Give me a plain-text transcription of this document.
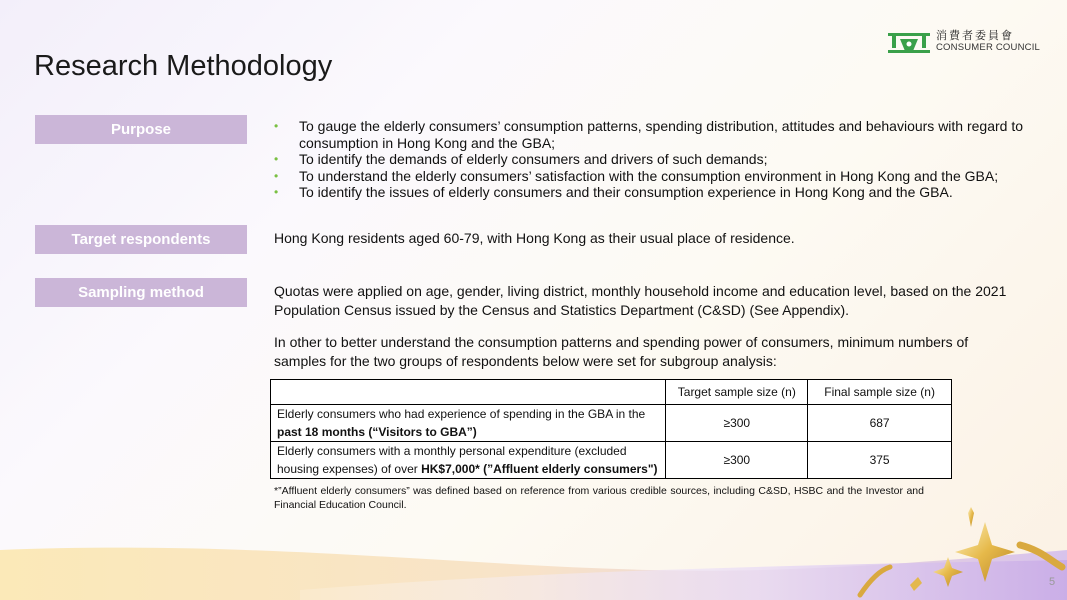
消費者委員會
CONSUMER COUNCIL
Research Methodology
Purpose
Target respondents
Sampling method
• To gauge the elderly consumers’ consumption patterns, spending distribution, attitudes and behaviours with regard to consumption in Hong Kong and the GBA;
• To identify the demands of elderly consumers and drivers of such demands;
• To understand the elderly consumers’ satisfaction with the consumption environment in Hong Kong and the GBA;
• To identify the issues of elderly consumers and their consumption experience in Hong Kong and the GBA.

Hong Kong residents aged 60-79, with Hong Kong as their usual place of residence.

Quotas were applied on age, gender, living district, monthly household income and education level, based on the 2021 Population Census issued by the Census and Statistics Department (C&SD) (See Appendix).

In other to better understand the consumption patterns and spending power of consumers, minimum numbers of samples for the two groups of respondents below were set for subgroup analysis:

	Target sample size (n)	Final sample size (n)
Elderly consumers who had experience of spending in the GBA in the past 18 months (“Visitors to GBA”)	≥300	687
Elderly consumers with a monthly personal expenditure (excluded housing expenses) of over HK$7,000* (”Affluent elderly consumers")	≥300	375

*”Affluent elderly consumers” was defined based on reference from various credible sources, including C&SD, HSBC and the Investor and Financial Education Council.

5
